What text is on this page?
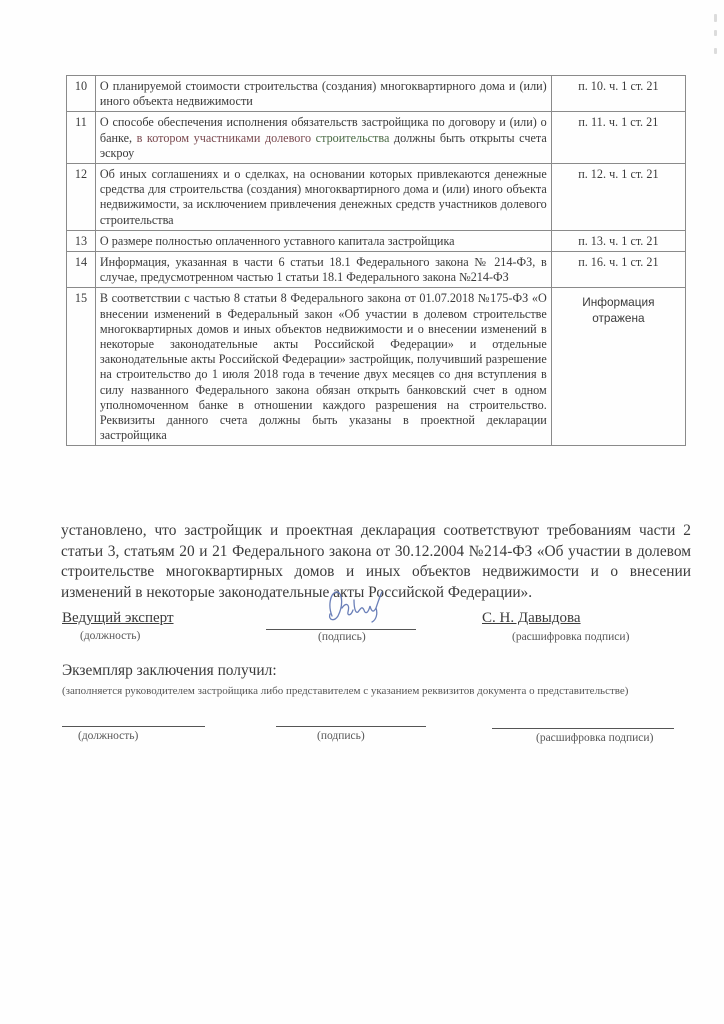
10	О планируемой стоимости строительства (создания) многоквартирного дома и (или) иного объекта недвижимости	п. 10. ч. 1 ст. 21
11	О способе обеспечения исполнения обязательств застройщика по договору и (или) о банке, в котором участниками долевого строительства должны быть открыты счета эскроу	п. 11. ч. 1 ст. 21
12	Об иных соглашениях и о сделках, на основании которых привлекаются денежные средства для строительства (создания) многоквартирного дома и (или) иного объекта недвижимости, за исключением привлечения денежных средств участников долевого строительства	п. 12. ч. 1 ст. 21
13	О размере полностью оплаченного уставного капитала застройщика	п. 13. ч. 1 ст. 21
14	Информация, указанная в части 6 статьи 18.1 Федерального закона № 214-ФЗ, в случае, предусмотренном частью 1 статьи 18.1 Федерального закона №214-ФЗ	п. 16. ч. 1 ст. 21
15	В соответствии с частью 8 статьи 8 Федерального закона от 01.07.2018 №175-ФЗ «О внесении изменений в Федеральный закон «Об участии в долевом строительстве многоквартирных домов и иных объектов недвижимости и о внесении изменений в некоторые законодательные акты Российской Федерации» и отдельные законодательные акты Российской Федерации» застройщик, получивший разрешение на строительство до 1 июля 2018 года в течение двух месяцев со дня вступления в силу названного Федерального закона обязан открыть банковский счет в одном уполномоченном банке в отношении каждого разрешения на строительство. Реквизиты данного счета должны быть указаны в проектной декларации застройщика	Информация отражена
установлено, что застройщик и проектная декларация соответствуют требованиям части 2 статьи 3, статьям 20 и 21 Федерального закона от 30.12.2004 №214-ФЗ «Об участии в долевом строительстве многоквартирных домов и иных объектов недвижимости и о внесении изменений в некоторые законодательные акты Российской Федерации».
Ведущий эксперт
(должность)	(подпись)
С. Н. Давыдова
(расшифровка подписи)
Экземпляр заключения получил:
(заполняется руководителем застройщика либо представителем с указанием реквизитов документа о представительстве)
(должность)	(подпись)	(расшифровка подписи)
